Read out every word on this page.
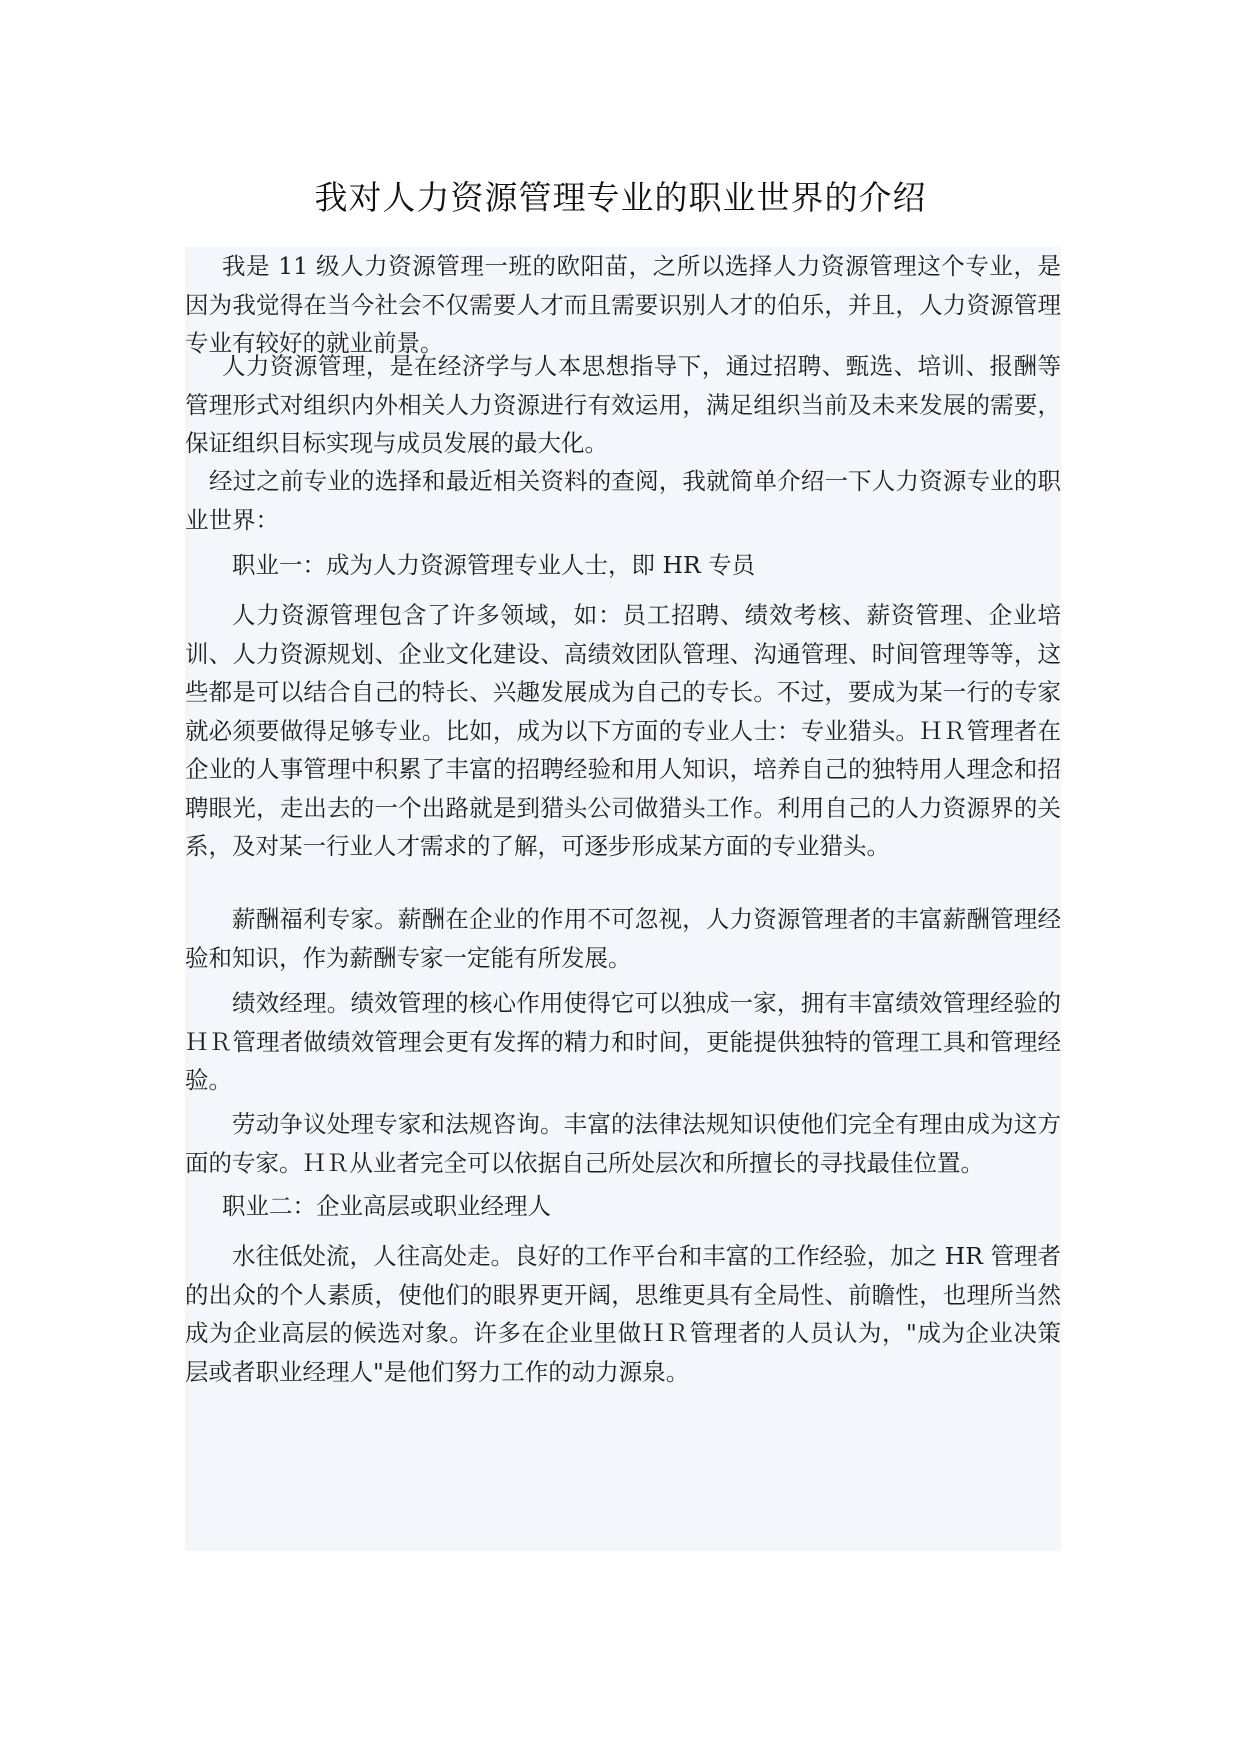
我对人力资源管理专业的职业世界的介绍

我是 11 级人力资源管理一班的欧阳苗，之所以选择人力资源管理这个专业，是因为我觉得在当今社会不仅需要人才而且需要识别人才的伯乐，并且，人力资源管理专业有较好的就业前景。

人力资源管理，是在经济学与人本思想指导下，通过招聘、甄选、培训、报酬等管理形式对组织内外相关人力资源进行有效运用，满足组织当前及未来发展的需要，保证组织目标实现与成员发展的最大化。

经过之前专业的选择和最近相关资料的查阅，我就简单介绍一下人力资源专业的职业世界：

职业一：成为人力资源管理专业人士，即 HR 专员

人力资源管理包含了许多领域，如：员工招聘、绩效考核、薪资管理、企业培训、人力资源规划、企业文化建设、高绩效团队管理、沟通管理、时间管理等等，这些都是可以结合自己的特长、兴趣发展成为自己的专长。不过，要成为某一行的专家就必须要做得足够专业。比如，成为以下方面的专业人士：专业猎头。ＨＲ管理者在企业的人事管理中积累了丰富的招聘经验和用人知识，培养自己的独特用人理念和招聘眼光，走出去的一个出路就是到猎头公司做猎头工作。利用自己的人力资源界的关系，及对某一行业人才需求的了解，可逐步形成某方面的专业猎头。

薪酬福利专家。薪酬在企业的作用不可忽视，人力资源管理者的丰富薪酬管理经验和知识，作为薪酬专家一定能有所发展。

绩效经理。绩效管理的核心作用使得它可以独成一家，拥有丰富绩效管理经验的ＨＲ管理者做绩效管理会更有发挥的精力和时间，更能提供独特的管理工具和管理经验。

劳动争议处理专家和法规咨询。丰富的法律法规知识使他们完全有理由成为这方面的专家。ＨＲ从业者完全可以依据自己所处层次和所擅长的寻找最佳位置。

职业二：企业高层或职业经理人

水往低处流，人往高处走。良好的工作平台和丰富的工作经验，加之 HR 管理者的出众的个人素质，使他们的眼界更开阔，思维更具有全局性、前瞻性，也理所当然成为企业高层的候选对象。许多在企业里做ＨＲ管理者的人员认为，"成为企业决策层或者职业经理人"是他们努力工作的动力源泉。
